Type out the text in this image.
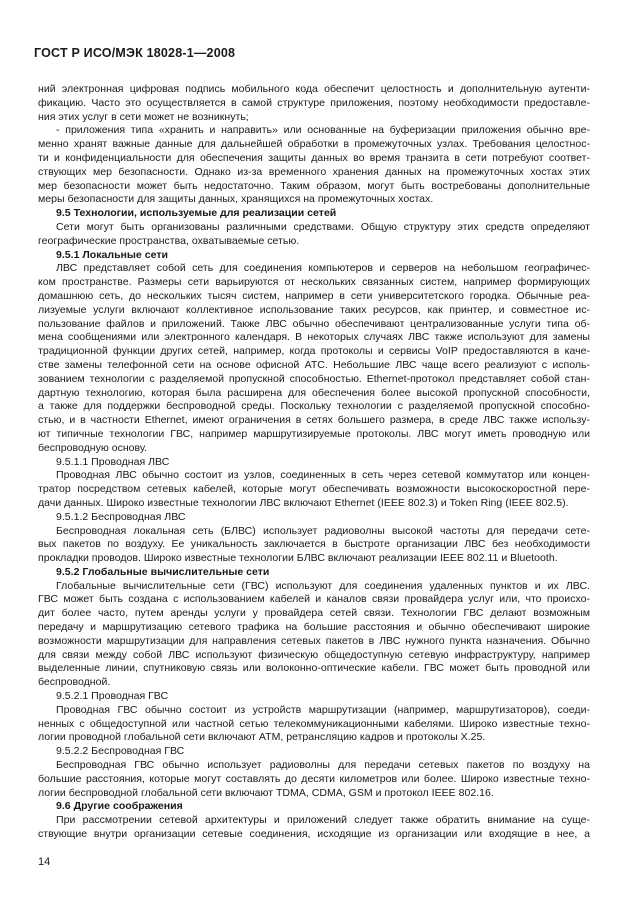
ГОСТ Р ИСО/МЭК 18028-1—2008
ний электронная цифровая подпись мобильного кода обеспечит целостность и дополнительную аутенти-
фикацию. Часто это осуществляется в самой структуре приложения, поэтому необходимости предоставле-
ния этих услуг в сети может не возникнуть;
- приложения типа «хранить и направить» или основанные на буферизации приложения обычно вре-
менно хранят важные данные для дальнейшей обработки в промежуточных узлах. Требования целостнос-
ти и конфиденциальности для обеспечения защиты данных во время транзита в сети потребуют соответ-
ствующих мер безопасности. Однако из-за временного хранения данных на промежуточных хостах этих
мер безопасности может быть недостаточно. Таким образом, могут быть востребованы дополнительные
меры безопасности для защиты данных, хранящихся на промежуточных хостах.
9.5 Технологии, используемые для реализации сетей
Сети могут быть организованы различными средствами. Общую структуру этих средств определяют
географические пространства, охватываемые сетью.
9.5.1 Локальные сети
ЛВС представляет собой сеть для соединения компьютеров и серверов на небольшом географичес-
ком пространстве. Размеры сети варьируются от нескольких связанных систем, например формирующих
домашнюю сеть, до нескольких тысяч систем, например в сети университетского городка. Обычные реа-
лизуемые услуги включают коллективное использование таких ресурсов, как принтер, и совместное ис-
пользование файлов и приложений. Также ЛВС обычно обеспечивают централизованные услуги типа об-
мена сообщениями или электронного календаря. В некоторых случаях ЛВС также используют для замены
традиционной функции других сетей, например, когда протоколы и сервисы VoIP предоставляются в каче-
стве замены телефонной сети на основе офисной АТС. Небольшие ЛВС чаще всего реализуют с исполь-
зованием технологии с разделяемой пропускной способностью. Ethernet-протокол представляет собой стан-
дартную технологию, которая была расширена для обеспечения более высокой пропускной способности,
а также для поддержки беспроводной среды. Поскольку технологии с разделяемой пропускной способно-
стью, и в частности Ethernet, имеют ограничения в сетях большего размера, в среде ЛВС также использу-
ют типичные технологии ГВС, например маршрутизируемые протоколы. ЛВС могут иметь проводную или
беспроводную основу.
9.5.1.1 Проводная ЛВС
Проводная ЛВС обычно состоит из узлов, соединенных в сеть через сетевой коммутатор или концен-
тратор посредством сетевых кабелей, которые могут обеспечивать возможности высокоскоростной пере-
дачи данных. Широко известные технологии ЛВС включают Ethernet (IEEE 802.3) и Token Ring (IEEE 802.5).
9.5.1.2 Беспроводная ЛВС
Беспроводная локальная сеть (БЛВС) использует радиоволны высокой частоты для передачи сете-
вых пакетов по воздуху. Ее уникальность заключается в быстроте организации ЛВС без необходимости
прокладки проводов. Широко известные технологии БЛВС включают реализации IEEE 802.11 и Bluetooth.
9.5.2 Глобальные вычислительные сети
Глобальные вычислительные сети (ГВС) используют для соединения удаленных пунктов и их ЛВС.
ГВС может быть создана с использованием кабелей и каналов связи провайдера услуг или, что происхо-
дит более часто, путем аренды услуги у провайдера сетей связи. Технологии ГВС делают возможным
передачу и маршрутизацию сетевого трафика на большие расстояния и обычно обеспечивают широкие
возможности маршрутизации для направления сетевых пакетов в ЛВС нужного пункта назначения. Обычно
для связи между собой ЛВС используют физическую общедоступную сетевую инфраструктуру, например
выделенные линии, спутниковую связь или волоконно-оптические кабели. ГВС может быть проводной или
беспроводной.
9.5.2.1 Проводная ГВС
Проводная ГВС обычно состоит из устройств маршрутизации (например, маршрутизаторов), соеди-
ненных с общедоступной или частной сетью телекоммуникационными кабелями. Широко известные техно-
логии проводной глобальной сети включают АТМ, ретрансляцию кадров и протоколы Х.25.
9.5.2.2 Беспроводная ГВС
Беспроводная ГВС обычно использует радиоволны для передачи сетевых пакетов по воздуху на
большие расстояния, которые могут составлять до десяти километров или более. Широко известные техно-
логии беспроводной глобальной сети включают TDMA, CDMA, GSM и протокол IEEE 802.16.
9.6 Другие соображения
При рассмотрении сетевой архитектуры и приложений следует также обратить внимание на суще-
ствующие внутри организации сетевые соединения, исходящие из организации или входящие в нее, а
14
